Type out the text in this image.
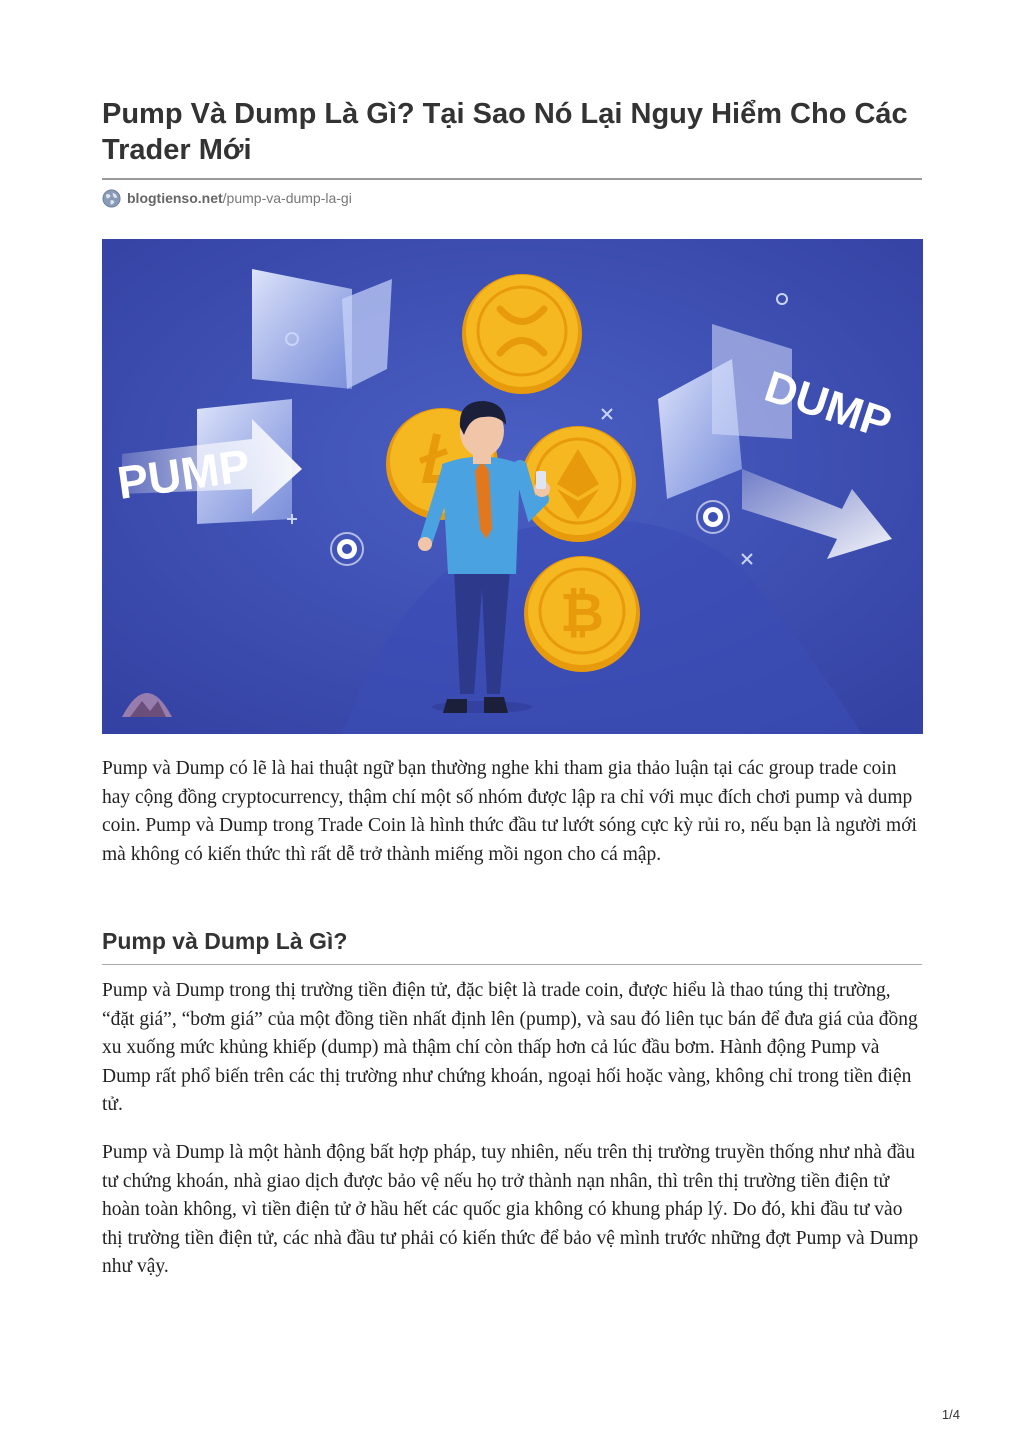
Pump Và Dump Là Gì? Tại Sao Nó Lại Nguy Hiểm Cho Các Trader Mới
blogtienso.net /pump-va-dump-la-gi
PUMP
DUMP
₿

Pump và Dump có lẽ là hai thuật ngữ bạn thường nghe khi tham gia thảo luận tại các group trade coin hay cộng đồng cryptocurrency, thậm chí một số nhóm được lập ra chỉ với mục đích chơi pump và dump coin. Pump và Dump trong Trade Coin là hình thức đầu tư lướt sóng cực kỳ rủi ro, nếu bạn là người mới mà không có kiến thức thì rất dễ trở thành miếng mồi ngon cho cá mập.

Pump và Dump Là Gì?

Pump và Dump trong thị trường tiền điện tử, đặc biệt là trade coin, được hiểu là thao túng thị trường, “đặt giá”, “bơm giá” của một đồng tiền nhất định lên (pump), và sau đó liên tục bán để đưa giá của đồng xu xuống mức khủng khiếp (dump) mà thậm chí còn thấp hơn cả lúc đầu bơm. Hành động Pump và Dump rất phổ biến trên các thị trường như chứng khoán, ngoại hối hoặc vàng, không chỉ trong tiền điện tử.

Pump và Dump là một hành động bất hợp pháp, tuy nhiên, nếu trên thị trường truyền thống như nhà đầu tư chứng khoán, nhà giao dịch được bảo vệ nếu họ trở thành nạn nhân, thì trên thị trường tiền điện tử hoàn toàn không, vì tiền điện tử ở hầu hết các quốc gia không có khung pháp lý. Do đó, khi đầu tư vào thị trường tiền điện tử, các nhà đầu tư phải có kiến thức để bảo vệ mình trước những đợt Pump và Dump như vậy.

1/4
